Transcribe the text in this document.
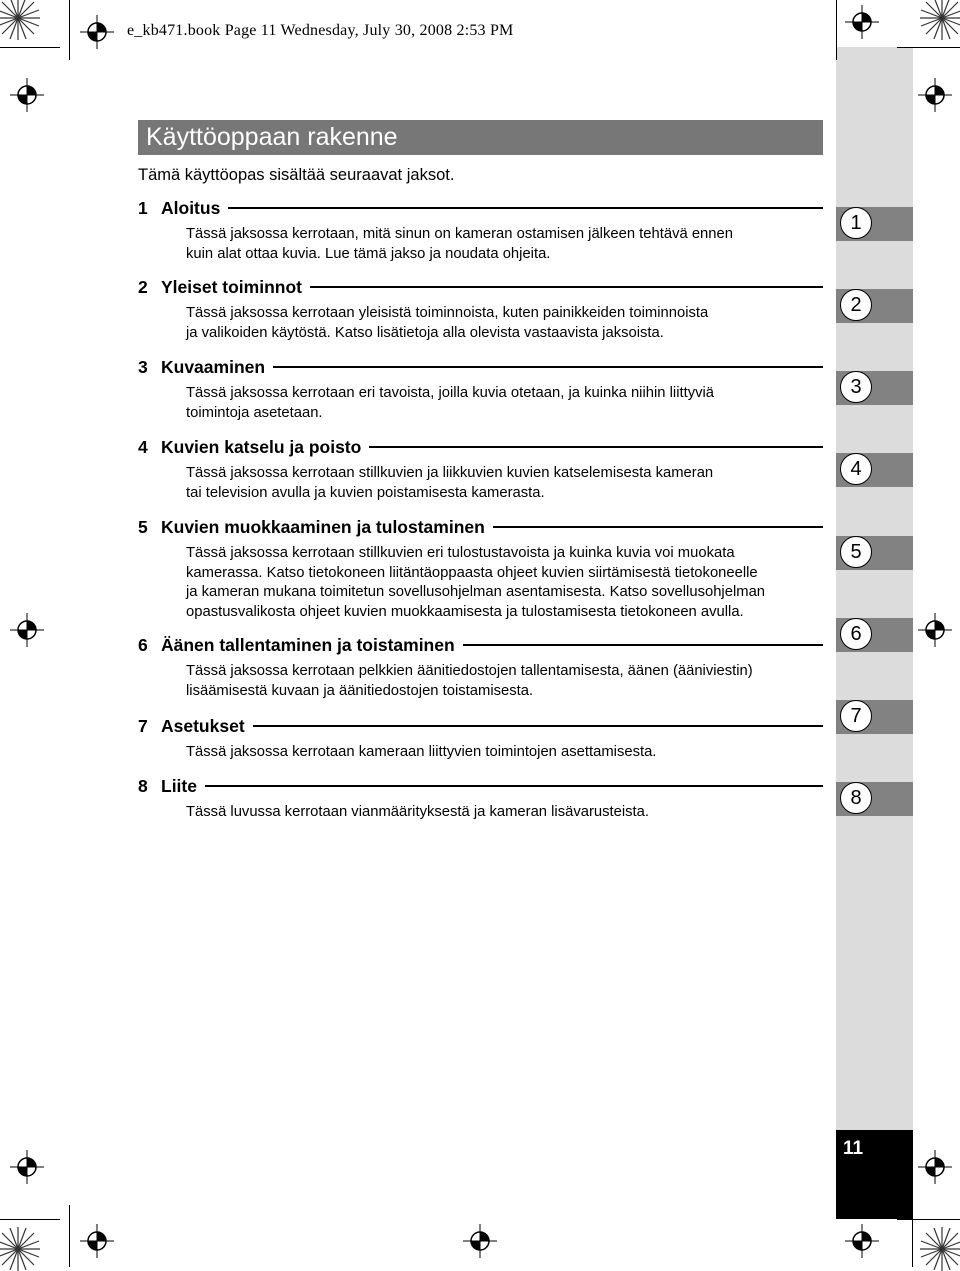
e_kb471.book Page 11 Wednesday, July 30, 2008 2:53 PM
Käyttöoppaan rakenne
Tämä käyttöopas sisältää seuraavat jaksot.
1 Aloitus
Tässä jaksossa kerrotaan, mitä sinun on kameran ostamisen jälkeen tehtävä ennen
kuin alat ottaa kuvia. Lue tämä jakso ja noudata ohjeita.
2 Yleiset toiminnot
Tässä jaksossa kerrotaan yleisistä toiminnoista, kuten painikkeiden toiminnoista
ja valikoiden käytöstä. Katso lisätietoja alla olevista vastaavista jaksoista.
3 Kuvaaminen
Tässä jaksossa kerrotaan eri tavoista, joilla kuvia otetaan, ja kuinka niihin liittyviä
toimintoja asetetaan.
4 Kuvien katselu ja poisto
Tässä jaksossa kerrotaan stillkuvien ja liikkuvien kuvien katselemisesta kameran
tai television avulla ja kuvien poistamisesta kamerasta.
5 Kuvien muokkaaminen ja tulostaminen
Tässä jaksossa kerrotaan stillkuvien eri tulostustavoista ja kuinka kuvia voi muokata
kamerassa. Katso tietokoneen liitäntäoppaasta ohjeet kuvien siirtämisestä tietokoneelle
ja kameran mukana toimitetun sovellusohjelman asentamisesta. Katso sovellusohjelman
opastusvalikosta ohjeet kuvien muokkaamisesta ja tulostamisesta tietokoneen avulla.
6 Äänen tallentaminen ja toistaminen
Tässä jaksossa kerrotaan pelkkien äänitiedostojen tallentamisesta, äänen (ääniviestin)
lisäämisestä kuvaan ja äänitiedostojen toistamisesta.
7 Asetukset
Tässä jaksossa kerrotaan kameraan liittyvien toimintojen asettamisesta.
8 Liite
Tässä luvussa kerrotaan vianmäärityksestä ja kameran lisävarusteista.
1
2
3
4
5
6
7
8
11
